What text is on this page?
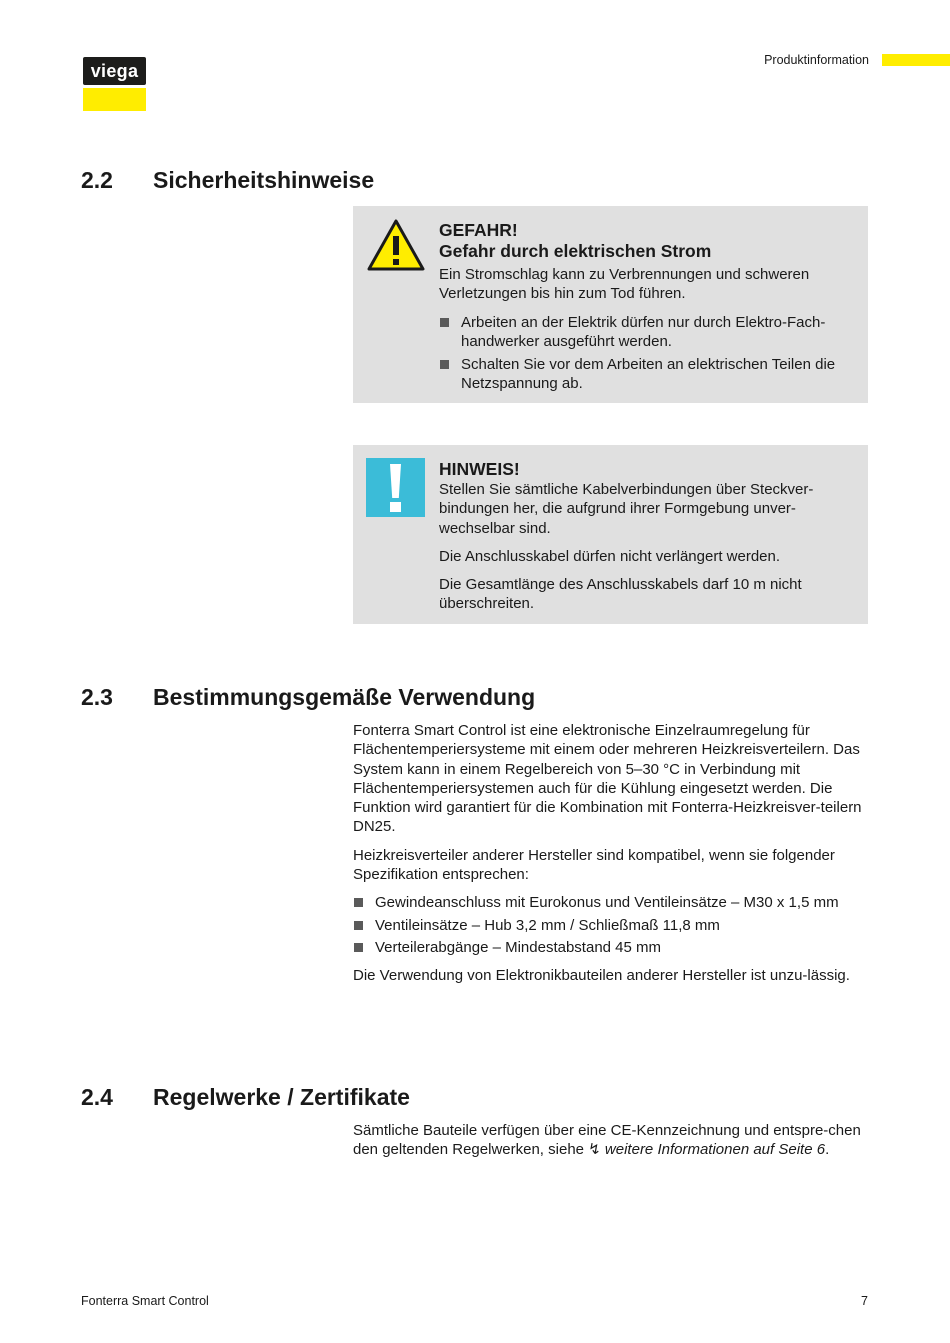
viega
Produktinformation
2.2 Sicherheitshinweise
GEFAHR!
Gefahr durch elektrischen Strom
Ein Stromschlag kann zu Verbrennungen und schweren Verletzungen bis hin zum Tod führen.
Arbeiten an der Elektrik dürfen nur durch Elektro-Fach-handwerker ausgeführt werden.
Schalten Sie vor dem Arbeiten an elektrischen Teilen die Netzspannung ab.
HINWEIS!
Stellen Sie sämtliche Kabelverbindungen über Steckver-bindungen her, die aufgrund ihrer Formgebung unver-wechselbar sind.
Die Anschlusskabel dürfen nicht verlängert werden.
Die Gesamtlänge des Anschlusskabels darf 10 m nicht überschreiten.
2.3 Bestimmungsgemäße Verwendung

Fonterra Smart Control ist eine elektronische Einzelraumregelung für Flächentemperiersysteme mit einem oder mehreren Heizkreisverteilern. Das System kann in einem Regelbereich von 5–30 °C in Verbindung mit Flächentemperiersystemen auch für die Kühlung eingesetzt werden. Die Funktion wird garantiert für die Kombination mit Fonterra-Heizkreisver-teilern DN25.

Heizkreisverteiler anderer Hersteller sind kompatibel, wenn sie folgender Spezifikation entsprechen:

Gewindeanschluss mit Eurokonus und Ventileinsätze – M30 x 1,5 mm
Ventileinsätze – Hub 3,2 mm / Schließmaß 11,8 mm
Verteilerabgänge – Mindestabstand 45 mm

Die Verwendung von Elektronikbauteilen anderer Hersteller ist unzu-lässig.

2.4 Regelwerke / Zertifikate

Sämtliche Bauteile verfügen über eine CE-Kennzeichnung und entspre-chen den geltenden Regelwerken, siehe ↯ weitere Informationen auf Seite 6.

Fonterra Smart Control	7
